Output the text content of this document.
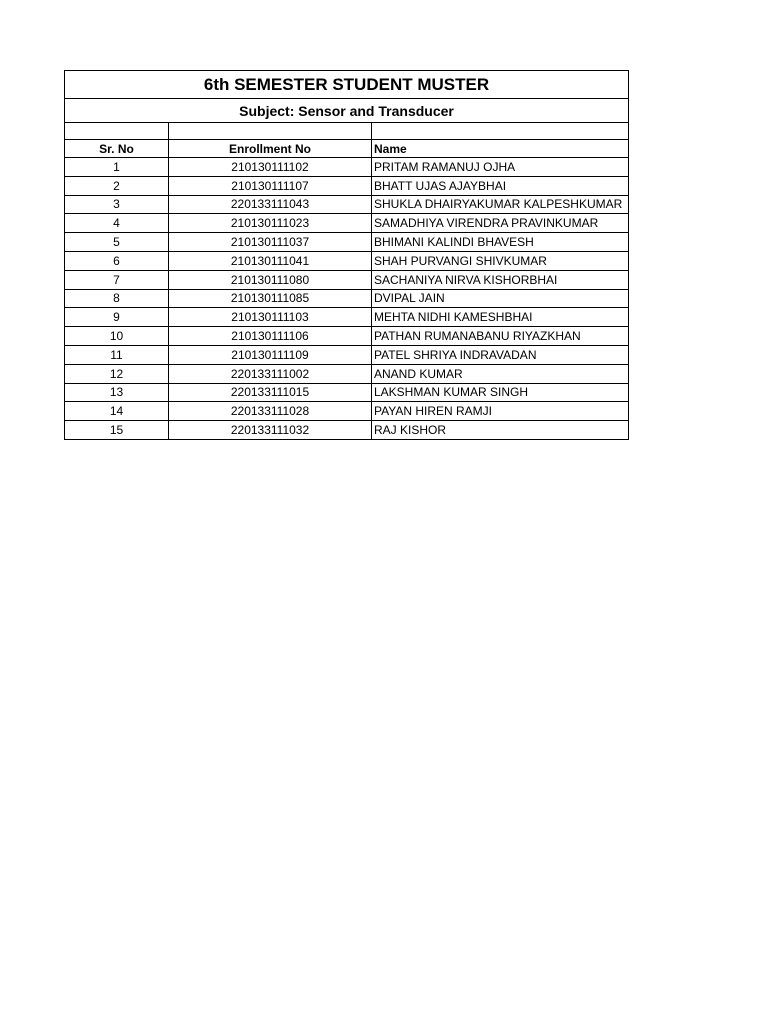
6th SEMESTER STUDENT MUSTER		
Subject: Sensor and Transducer		

Sr. No	Enrollment No	Name
1	210130111102	PRITAM RAMANUJ OJHA
2	210130111107	BHATT UJAS AJAYBHAI
3	220133111043	SHUKLA DHAIRYAKUMAR KALPESHKUMAR
4	210130111023	SAMADHIYA VIRENDRA PRAVINKUMAR
5	210130111037	BHIMANI KALINDI BHAVESH
6	210130111041	SHAH PURVANGI SHIVKUMAR
7	210130111080	SACHANIYA NIRVA KISHORBHAI
8	210130111085	DVIPAL JAIN
9	210130111103	MEHTA NIDHI KAMESHBHAI
10	210130111106	PATHAN RUMANABANU RIYAZKHAN
11	210130111109	PATEL SHRIYA INDRAVADAN
12	220133111002	ANAND KUMAR
13	220133111015	LAKSHMAN KUMAR SINGH
14	220133111028	PAYAN HIREN RAMJI
15	220133111032	RAJ KISHOR
